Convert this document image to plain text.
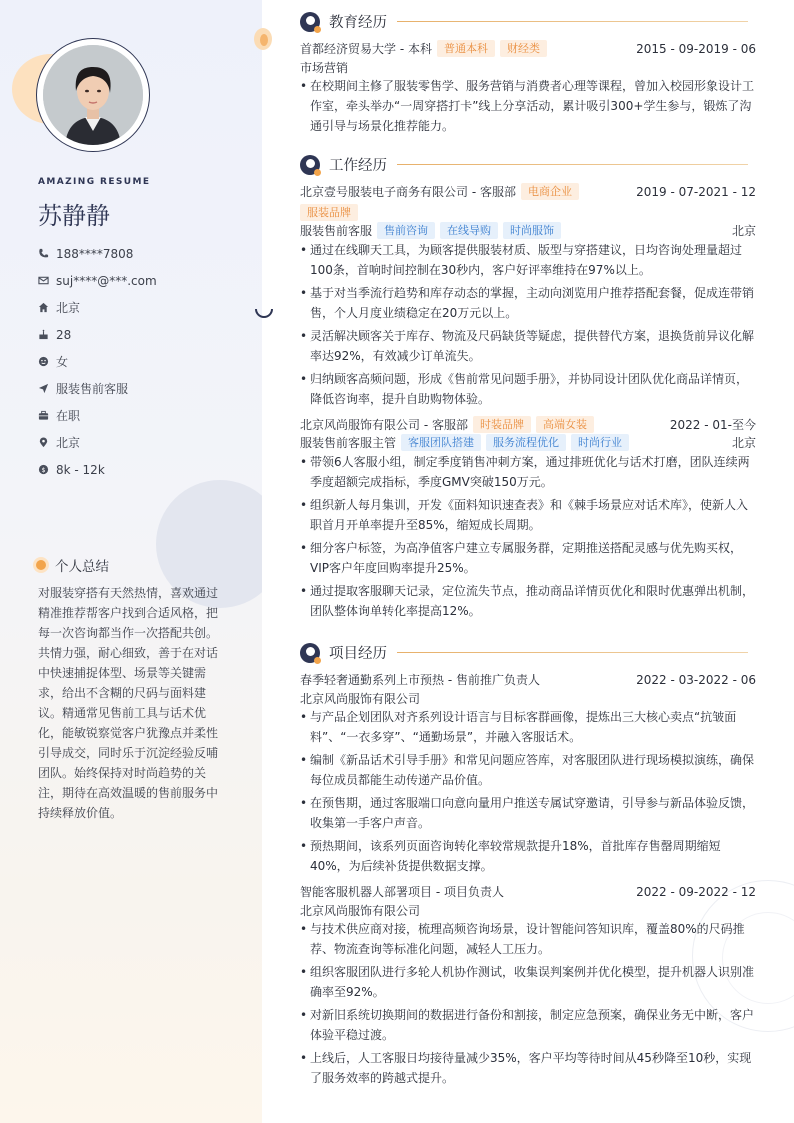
AMAZING RESUME
苏静静
188****7808
suj****@***.com
北京
28
女
服装售前客服
在职
北京
$ 8k - 12k
个人总结
对服装穿搭有天然热情，喜欢通过精准推荐帮客户找到合适风格，把每一次咨询都当作一次搭配共创。共情力强，耐心细致，善于在对话中快速捕捉体型、场景等关键需求，给出不含糊的尺码与面料建议。精通常见售前工具与话术优化，能敏锐察觉客户犹豫点并柔性引导成交，同时乐于沉淀经验反哺团队。始终保持对时尚趋势的关注，期待在高效温暖的售前服务中持续释放价值。
教育经历
首都经济贸易大学 - 本科	普通本科	财经类	2015 - 09-2019 - 06
市场营销
• 在校期间主修了服装零售学、服务营销与消费者心理等课程，曾加入校园形象设计工作室，牵头举办“一周穿搭打卡”线上分享活动，累计吸引300+学生参与，锻炼了沟通引导与场景化推荐能力。
工作经历
北京壹号服装电子商务有限公司 - 客服部	电商企业	2019 - 07-2021 - 12
服装品牌
服装售前客服	售前咨询	在线导购	时尚服饰	北京
• 通过在线聊天工具，为顾客提供服装材质、版型与穿搭建议，日均咨询处理量超过100条，首响时间控制在30秒内，客户好评率维持在97%以上。
• 基于对当季流行趋势和库存动态的掌握，主动向浏览用户推荐搭配套餐，促成连带销售，个人月度业绩稳定在20万元以上。
• 灵活解决顾客关于库存、物流及尺码缺货等疑虑，提供替代方案，退换货前异议化解率达92%，有效减少订单流失。
• 归纳顾客高频问题，形成《售前常见问题手册》，并协同设计团队优化商品详情页，降低咨询率，提升自助购物体验。
北京风尚服饰有限公司 - 客服部	时装品牌	高端女装	2022 - 01-至今
服装售前客服主管	客服团队搭建	服务流程优化	时尚行业	北京
• 带领6人客服小组，制定季度销售冲刺方案，通过排班优化与话术打磨，团队连续两季度超额完成指标，季度GMV突破150万元。
• 组织新人每月集训，开发《面料知识速查表》和《棘手场景应对话术库》，使新人入职首月开单率提升至85%，缩短成长周期。
• 细分客户标签，为高净值客户建立专属服务群，定期推送搭配灵感与优先购买权，VIP客户年度回购率提升25%。
• 通过提取客服聊天记录，定位流失节点，推动商品详情页优化和限时优惠弹出机制，团队整体询单转化率提高12%。
项目经历
春季轻奢通勤系列上市预热 - 售前推广负责人	2022 - 03-2022 - 06
北京风尚服饰有限公司
• 与产品企划团队对齐系列设计语言与目标客群画像，提炼出三大核心卖点“抗皱面料”、“一衣多穿”、“通勤场景”，并融入客服话术。
• 编制《新品话术引导手册》和常见问题应答库，对客服团队进行现场模拟演练，确保每位成员都能生动传递产品价值。
• 在预售期，通过客服端口向意向量用户推送专属试穿邀请，引导参与新品体验反馈，收集第一手客户声音。
• 预热期间，该系列页面咨询转化率较常规款提升18%，首批库存售罄周期缩短40%，为后续补货提供数据支撑。
智能客服机器人部署项目 - 项目负责人	2022 - 09-2022 - 12
北京风尚服饰有限公司
• 与技术供应商对接，梳理高频咨询场景，设计智能问答知识库，覆盖80%的尺码推荐、物流查询等标准化问题，减轻人工压力。
• 组织客服团队进行多轮人机协作测试，收集误判案例并优化模型，提升机器人识别准确率至92%。
• 对新旧系统切换期间的数据进行备份和割接，制定应急预案，确保业务无中断，客户体验平稳过渡。
• 上线后，人工客服日均接待量减少35%，客户平均等待时间从45秒降至10秒，实现了服务效率的跨越式提升。
